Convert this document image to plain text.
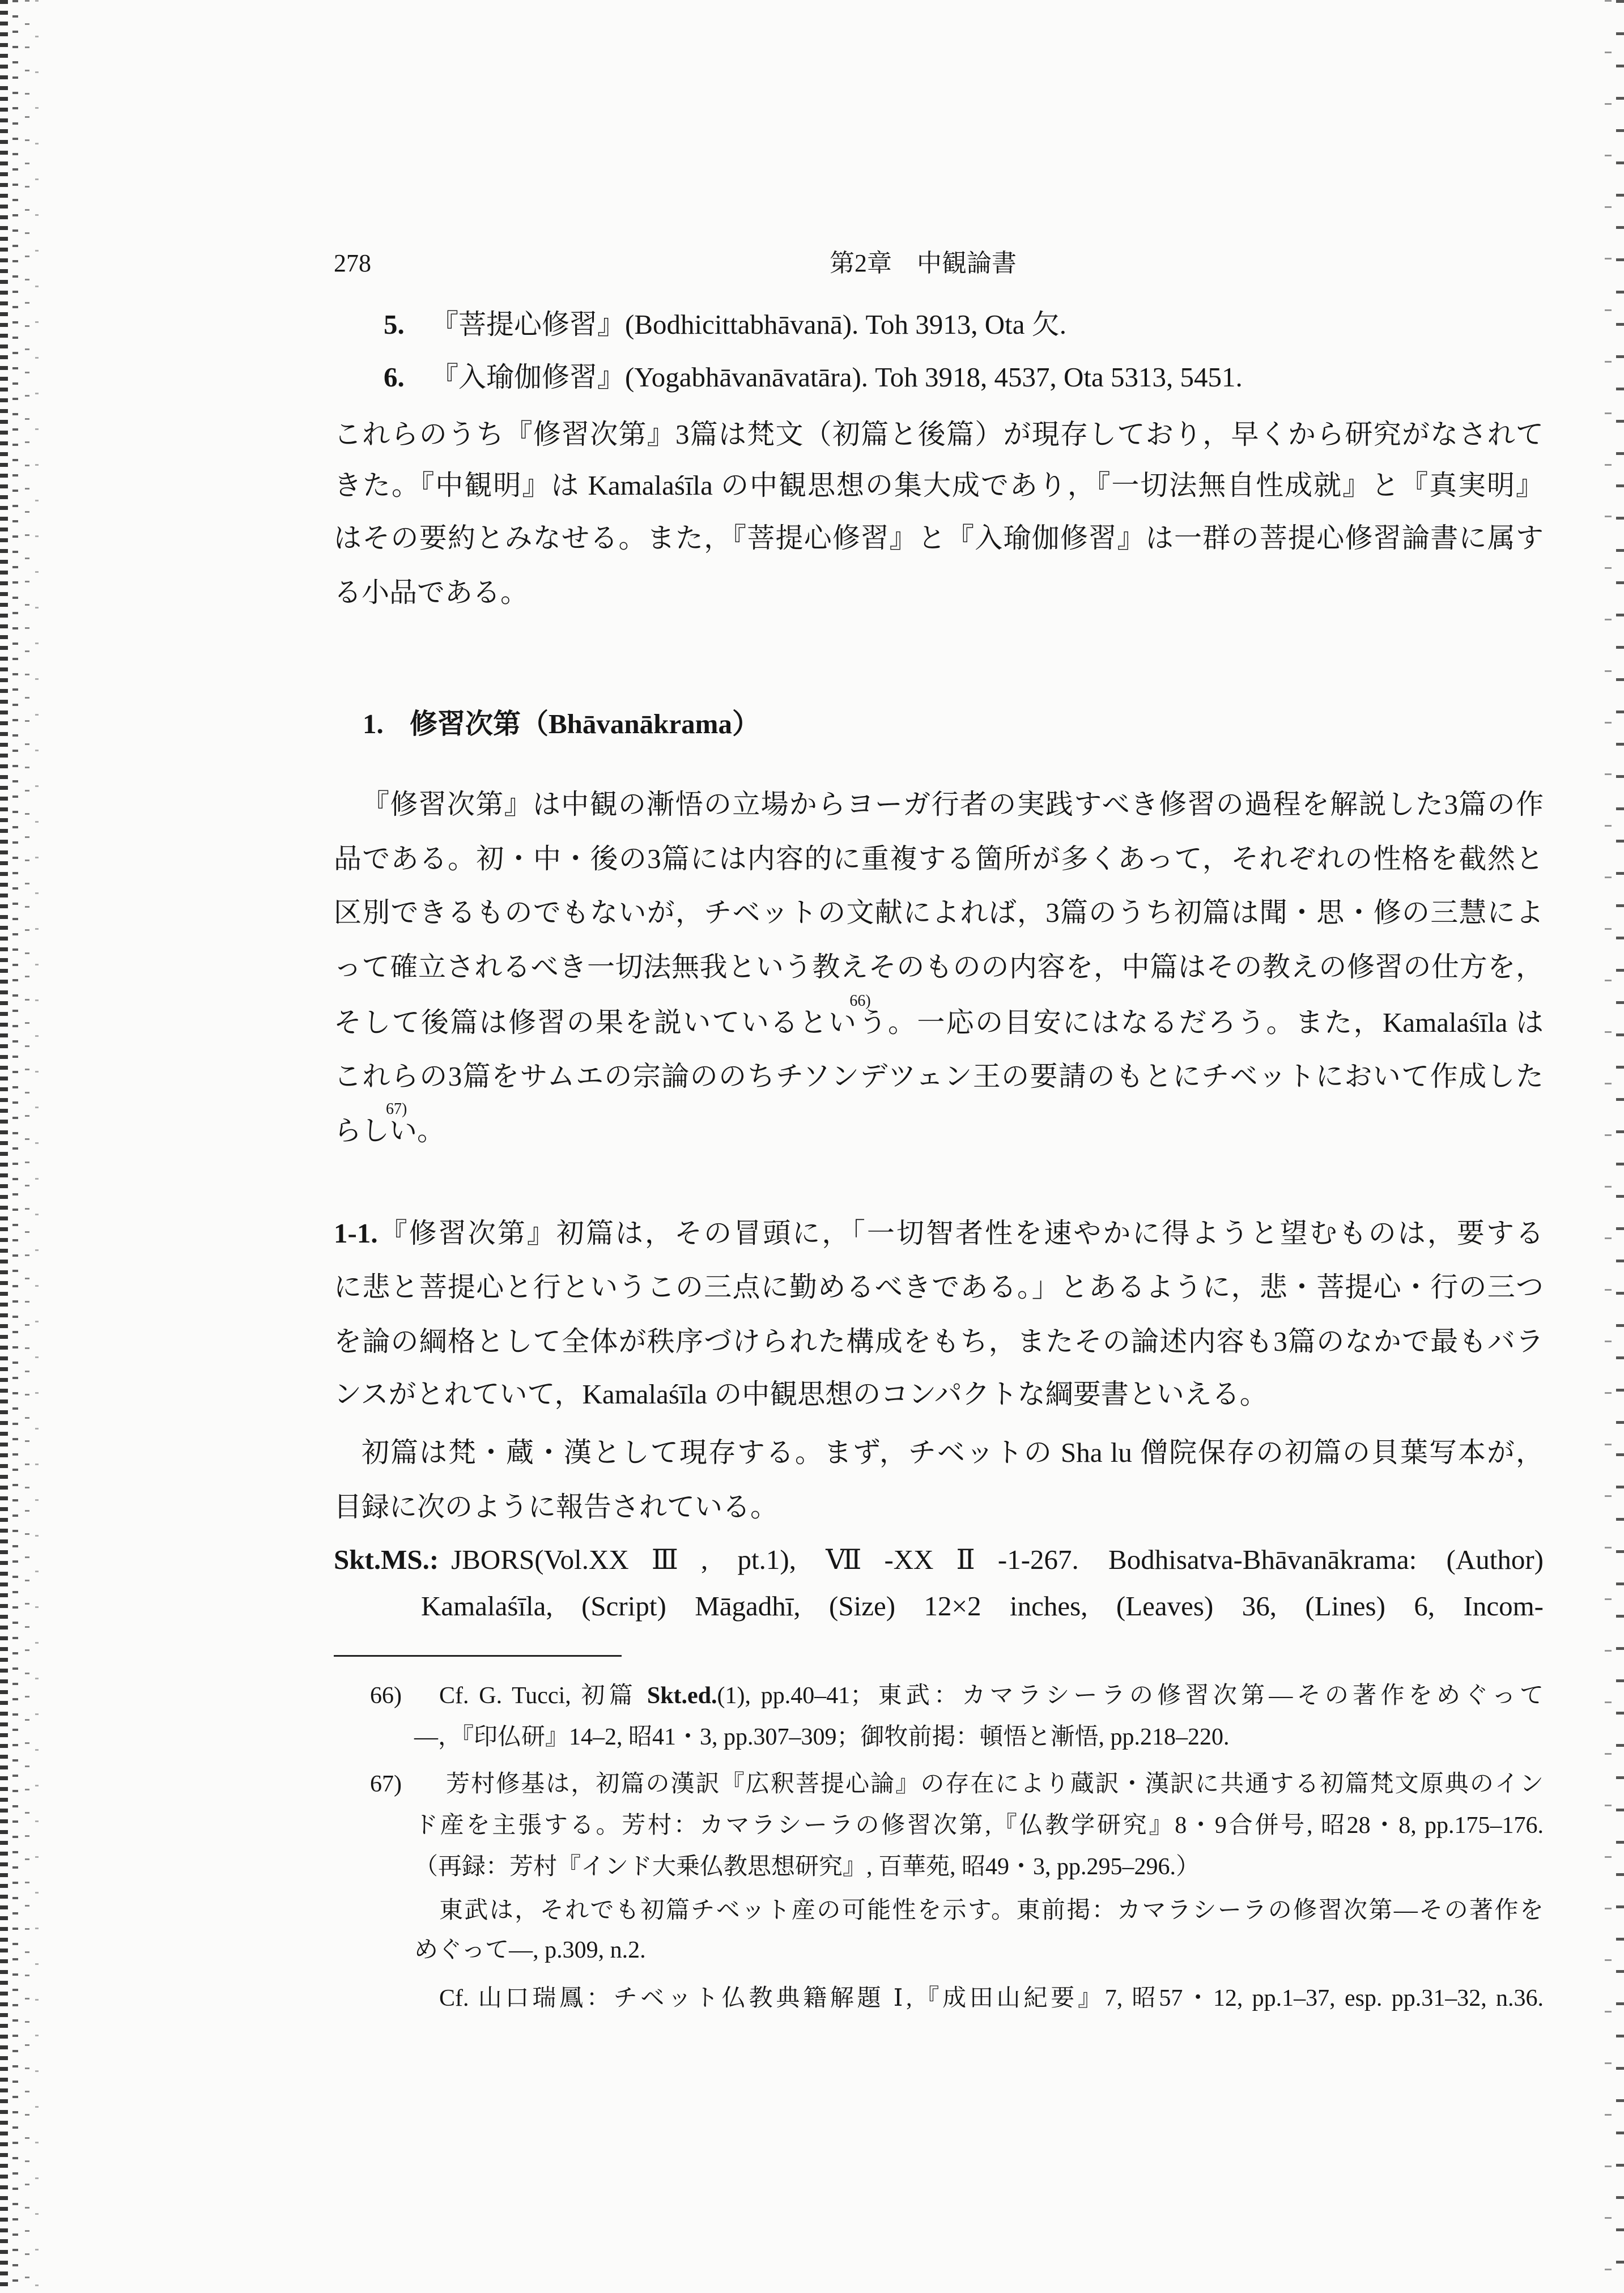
278	第2章　中観論書
5. 『菩提心修習』(Bodhicittabhāvanā). Toh 3913, Ota 欠.
6. 『入瑜伽修習』(Yogabhāvanāvatāra). Toh 3918, 4537, Ota 5313, 5451.
これらのうち『修習次第』3篇は梵文（初篇と後篇）が現存しており，早くから研究がなされて
きた。『中観明』は Kamalaśīla の中観思想の集大成であり，『一切法無自性成就』と『真実明』
はその要約とみなせる。また，『菩提心修習』と『入瑜伽修習』は一群の菩提心修習論書に属す
る小品である。
1. 修習次第（Bhāvanākrama）
『修習次第』は中観の漸悟の立場からヨーガ行者の実践すべき修習の過程を解説した3篇の作
品である。初・中・後の3篇には内容的に重複する箇所が多くあって，それぞれの性格を截然と
区別できるものでもないが，チベットの文献によれば，3篇のうち初篇は聞・思・修の三慧によ
って確立されるべき一切法無我という教えそのものの内容を，中篇はその教えの修習の仕方を，
そして後篇は修習の果を説いているとい
66)
う。一応の目安にはなるだろう。また，Kamalaśīla は
これらの3篇をサムエの宗論ののちチソンデツェン王の要請のもとにチベットにおいて作成した
らし
67)
い。
1-1.『修習次第』初篇は，その冒頭に，「一切智者性を速やかに得ようと望むものは，要する
に悲と菩提心と行というこの三点に勤めるべきである。」とあるように，悲・菩提心・行の三つ
を論の綱格として全体が秩序づけられた構成をもち，またその論述内容も3篇のなかで最もバラ
ンスがとれていて，Kamalaśīla の中観思想のコンパクトな綱要書といえる。
初篇は梵・蔵・漢として現存する。まず，チベットの Sha lu 僧院保存の初篇の貝葉写本が，
目録に次のように報告されている。
Skt.MS.: JBORS(Vol.XXⅢ, pt.1), Ⅶ-XXⅡ-1-267. Bodhisatva-Bhāvanākrama: (Author)
Kamalaśīla, (Script) Māgadhī, (Size) 12×2 inches, (Leaves) 36, (Lines) 6, Incom-
66) Cf. G. Tucci, 初篇 Skt.ed.(1), pp.40–41；東武：カマラシーラの修習次第―その著作をめぐって
―，『印仏研』14–2, 昭41・3, pp.307–309；御牧前掲：頓悟と漸悟, pp.218–220.
67) 芳村修基は，初篇の漢訳『広釈菩提心論』の存在により蔵訳・漢訳に共通する初篇梵文原典のイン
ド産を主張する。芳村：カマラシーラの修習次第,『仏教学研究』8・9合併号, 昭28・8, pp.175–176.
（再録：芳村『インド大乗仏教思想研究』, 百華苑, 昭49・3, pp.295–296.）
東武は，それでも初篇チベット産の可能性を示す。東前掲：カマラシーラの修習次第―その著作を
めぐって―, p.309, n.2.
Cf. 山口瑞鳳：チベット仏教典籍解題 Ⅰ,『成田山紀要』7, 昭57・12, pp.1–37, esp. pp.31–32, n.36.
